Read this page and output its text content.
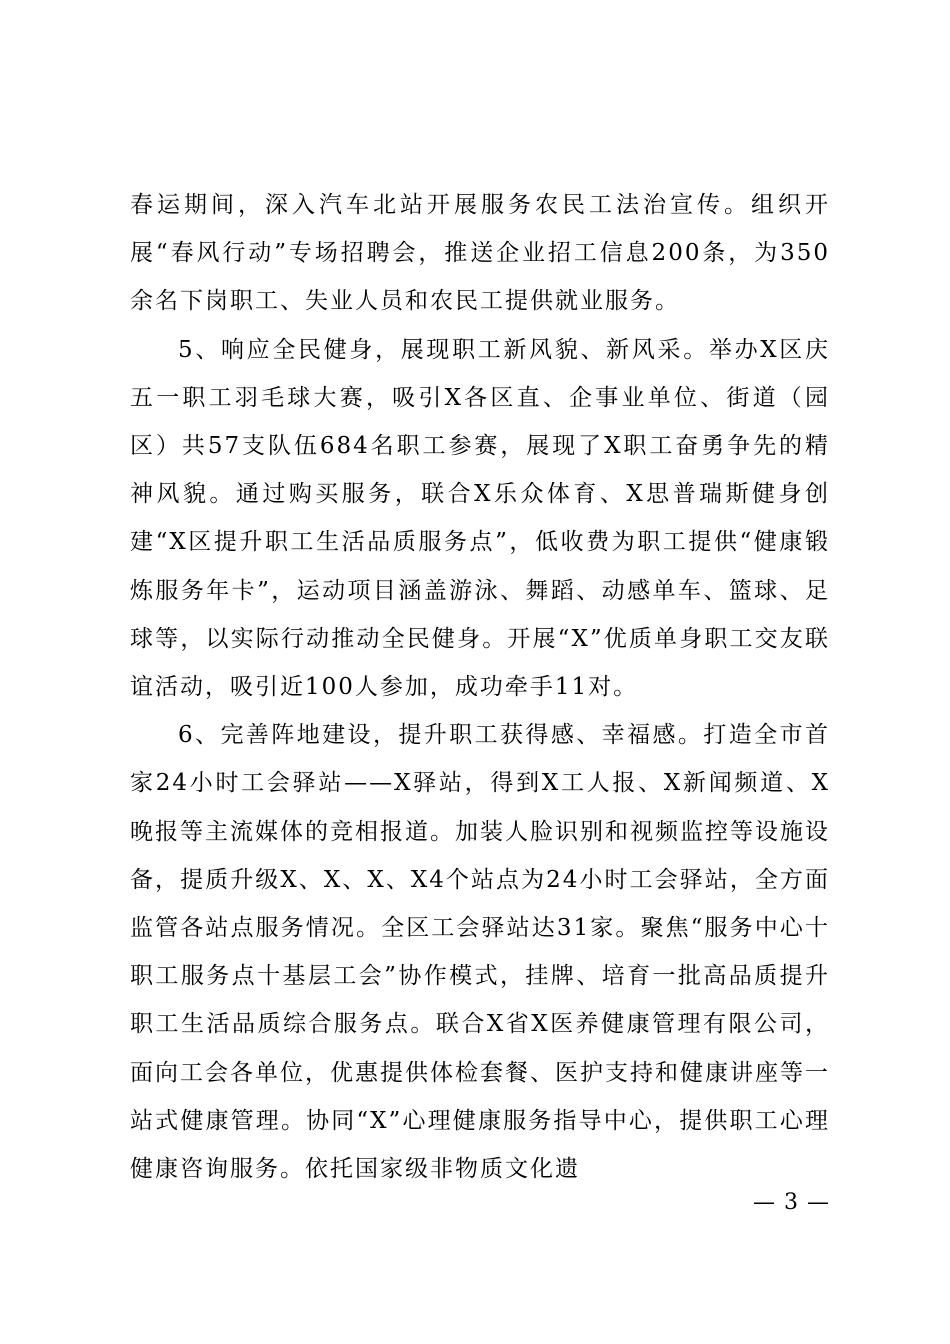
春运期间，深入汽车北站开展服务农民工法治宣传。组织开展“春风行动”专场招聘会，推送企业招工信息200条，为350余名下岗职工、失业人员和农民工提供就业服务。

5、响应全民健身，展现职工新风貌、新风采。举办X区庆五一职工羽毛球大赛，吸引X各区直、企事业单位、街道（园区）共57支队伍684名职工参赛，展现了X职工奋勇争先的精神风貌。通过购买服务，联合X乐众体育、X思普瑞斯健身创建“X区提升职工生活品质服务点”，低收费为职工提供“健康锻炼服务年卡”，运动项目涵盖游泳、舞蹈、动感单车、篮球、足球等，以实际行动推动全民健身。开展“X”优质单身职工交友联谊活动，吸引近100人参加，成功牵手11对。

6、完善阵地建设，提升职工获得感、幸福感。打造全市首家24小时工会驿站——X驿站，得到X工人报、X新闻频道、X晚报等主流媒体的竞相报道。加装人脸识别和视频监控等设施设备，提质升级X、X、X、X4个站点为24小时工会驿站，全方面监管各站点服务情况。全区工会驿站达31家。聚焦“服务中心十职工服务点十基层工会”协作模式，挂牌、培育一批高品质提升职工生活品质综合服务点。联合X省X医养健康管理有限公司，面向工会各单位，优惠提供体检套餐、医护支持和健康讲座等一站式健康管理。协同“X”心理健康服务指导中心，提供职工心理健康咨询服务。依托国家级非物质文化遗

— 3 —
